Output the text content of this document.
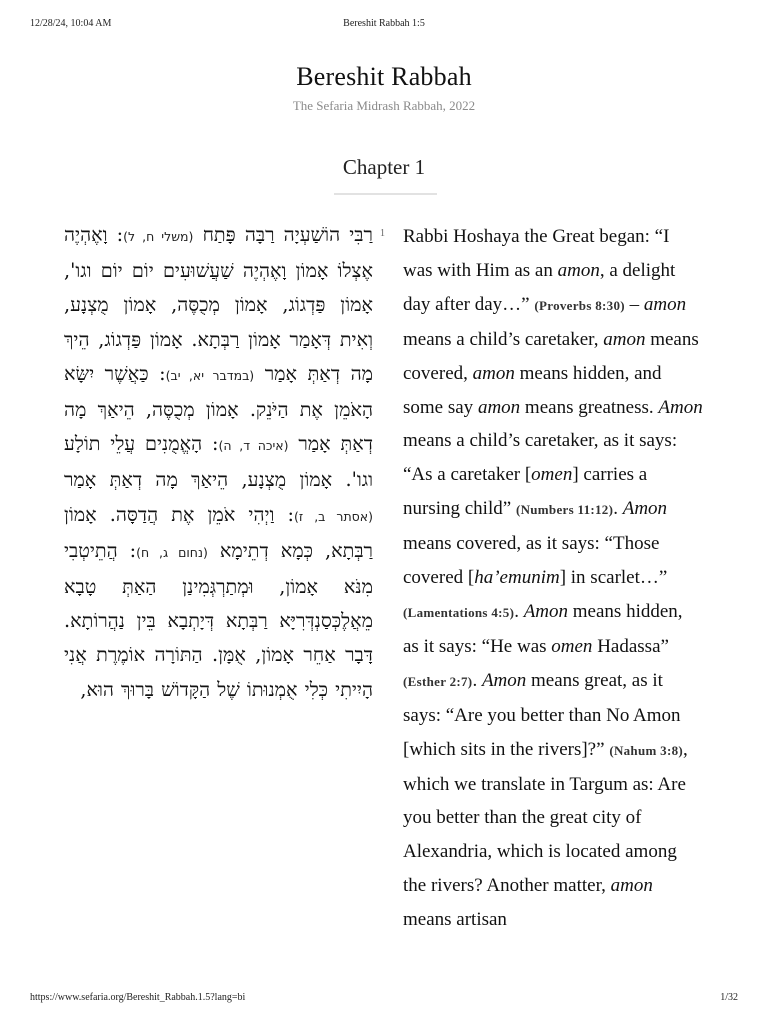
12/28/24, 10:04 AM	Bereshit Rabbah 1:5
Bereshit Rabbah
The Sefaria Midrash Rabbah, 2022
Chapter 1
רַבִּי הוֹשַׁעְיָה רַבָּה פָּתַח (משלי ח, ל): וָאֶהְיֶה אֶצְלוֹ אָמוֹן וָאֶהְיֶה שַׁעֲשׁוּעִים יוֹם יוֹם וגו', אָמוֹן פַּדְגוֹג, אָמוֹן מְכֻסֶּה, אָמוֹן מֻצְנָע, וְאִית דְּאָמַר אָמוֹן רַבְּתָא. אָמוֹן פַּדְגוֹג, הֵיךְ מָה דְאַתְּ אָמַר (במדבר יא, יב): כַּאֲשֶׁר יִשָּׂא הָאֹמֵן אֶת הַיֹּנֵק. אָמוֹן מְכֻסֶּה, הֵיאַךְ מָה דְאַתְּ אָמַר (איכה ד, ה): הָאֱמֻנִים עֲלֵי תוֹלָע וגו'. אָמוֹן מֻצְנָע, הֵיאַךְ מָה דְאַתְּ אָמַר (אסתר ב, ז): וַיְהִי אֹמֵן אֶת הֲדַסָּה. אָמוֹן רַבְּתָא, כְּמָא דְתֵימָא (נחום ג, ח): הֲתֵיטְבִי מִנֹּא אָמוֹן, וּמְתַרְגְּמִינַן הַאַתְּ טָבָא מֵאֲלֶכְּסַנְדְּרִיָּא רַבְּתָא דְּיָתְבָא בֵּין נַהֲרוֹתָא. דָּבָר אַחֵר אָמוֹן, אֻמָּן. הַתּוֹרָה אוֹמֶרֶת אֲנִי הָיִיתִי כְּלִי אֻמְנוּתוֹ שֶׁל הַקָּדוֹשׁ בָּרוּךְ הוּא,
1 Rabbi Hoshaya the Great began: “I was with Him as an amon, a delight day after day…” (Proverbs 8:30) – amon means a child’s caretaker, amon means covered, amon means hidden, and some say amon means greatness. Amon means a child’s caretaker, as it says: “As a caretaker [omen] carries a nursing child” (Numbers 11:12). Amon means covered, as it says: “Those covered [ha’emunim] in scarlet…” (Lamentations 4:5). Amon means hidden, as it says: “He was omen Hadassa” (Esther 2:7). Amon means great, as it says: “Are you better than No Amon [which sits in the rivers]?” (Nahum 3:8), which we translate in Targum as: Are you better than the great city of Alexandria, which is located among the rivers? Another matter, amon means artisan
https://www.sefaria.org/Bereshit_Rabbah.1.5?lang=bi	1/32
